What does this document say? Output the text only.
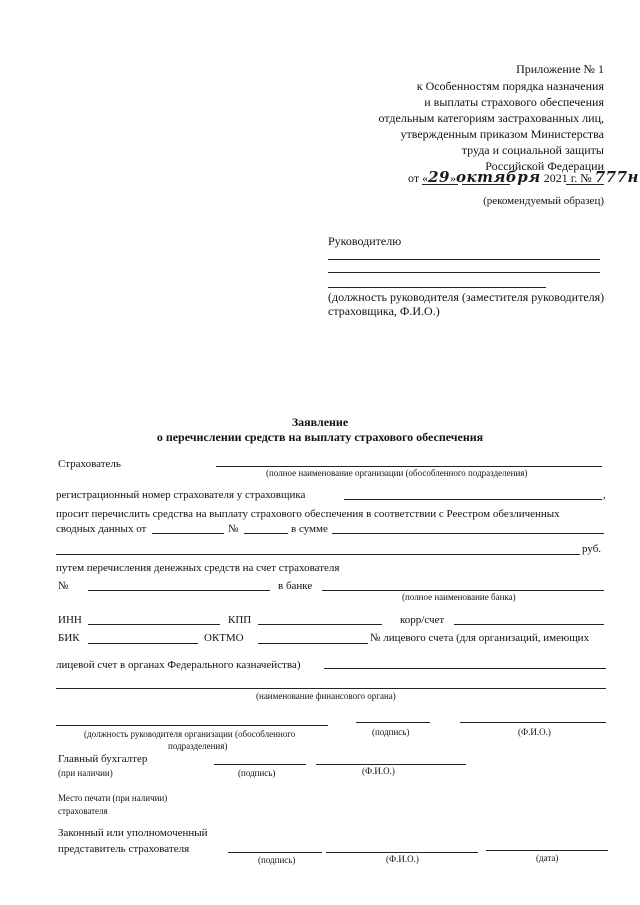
Приложение № 1
к Особенностям порядка назначения
и выплаты страхового обеспечения
отдельным категориям застрахованных лиц,
утвержденным приказом Министерства
труда и социальной защиты
Российской Федерации
от «29»октября 2021 г. № 777н
(рекомендуемый образец)
Руководителю
(должность руководителя (заместителя руководителя)
страховщика, Ф.И.О.)
Заявление
о перечислении средств на выплату страхового обеспечения
Страхователь
(полное наименование организации (обособленного подразделения)
регистрационный номер страхователя у страховщика	,
просит перечислить средства на выплату страхового обеспечения в соответствии с Реестром обезличенных
сводных данных от	№	в сумме
руб.
путем перечисления денежных средств на счет страхователя
№	в банке
(полное наименование банка)
ИНН	КПП	корр/счет
БИК	ОКТМО	№ лицевого счета (для организаций, имеющих
лицевой счет в органах Федерального казначейства)
(наименование финансового органа)
(должность руководителя организации (обособленного
подразделения)
(подпись)	(Ф.И.О.)
Главный бухгалтер
(при наличии)	(подпись)	(Ф.И.О.)
Место печати (при наличии)
страхователя
Законный или уполномоченный
представитель страхователя
(подпись)	(Ф.И.О.)	(дата)
